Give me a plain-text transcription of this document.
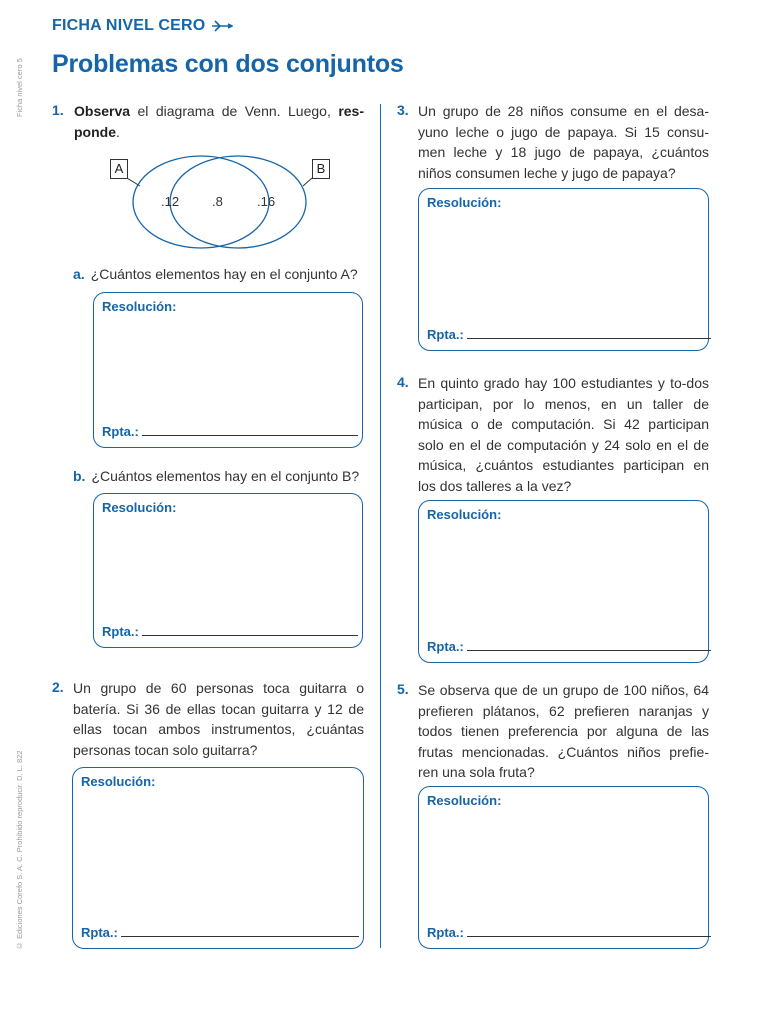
FICHA NIVEL CERO
Problemas con dos conjuntos
Ficha nivel cero 5
© Ediciones Corefo S. A. C. Prohibido reproducir. D. L. 822
1. Observa el diagrama de Venn. Luego, res-ponde.
A	B
.12	.8	.16
a. ¿Cuántos elementos hay en el conjunto A?
Resolución:
Rpta.:
b. ¿Cuántos elementos hay en el conjunto B?
Resolución:
Rpta.:
2. Un grupo de 60 personas toca guitarra o batería. Si 36 de ellas tocan guitarra y 12 de ellas tocan ambos instrumentos, ¿cuántas personas tocan solo guitarra?
Resolución:
Rpta.:
3. Un grupo de 28 niños consume en el desa-yuno leche o jugo de papaya. Si 15 consu-men leche y 18 jugo de papaya, ¿cuántos niños consumen leche y jugo de papaya?
Resolución:
Rpta.:
4. En quinto grado hay 100 estudiantes y to-dos participan, por lo menos, en un taller de música o de computación. Si 42 participan solo en el de computación y 24 solo en el de música, ¿cuántos estudiantes participan en los dos talleres a la vez?
Resolución:
Rpta.:
5. Se observa que de un grupo de 100 niños, 64 prefieren plátanos, 62 prefieren naranjas y todos tienen preferencia por alguna de las frutas mencionadas. ¿Cuántos niños prefie-ren una sola fruta?
Resolución:
Rpta.:
